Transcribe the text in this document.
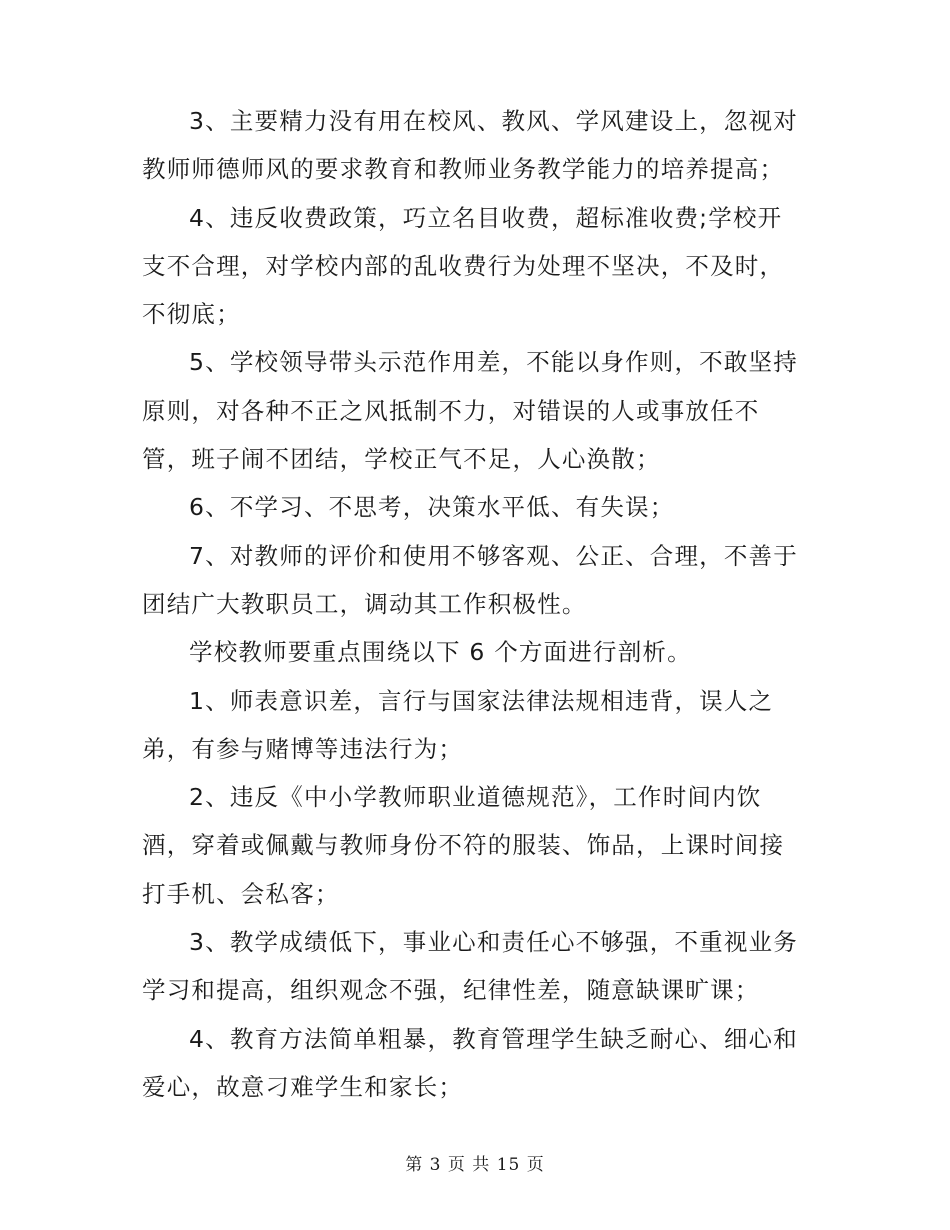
3、主要精力没有用在校风、教风、学风建设上，忽视对教师师德师风的要求教育和教师业务教学能力的培养提高；

4、违反收费政策，巧立名目收费，超标准收费;学校开支不合理，对学校内部的乱收费行为处理不坚决，不及时，不彻底；

5、学校领导带头示范作用差，不能以身作则，不敢坚持原则，对各种不正之风抵制不力，对错误的人或事放任不管，班子闹不团结，学校正气不足，人心涣散；

6、不学习、不思考，决策水平低、有失误；

7、对教师的评价和使用不够客观、公正、合理，不善于团结广大教职员工，调动其工作积极性。

学校教师要重点围绕以下 6 个方面进行剖析。

1、师表意识差，言行与国家法律法规相违背，误人之弟，有参与赌博等违法行为；

2、违反《中小学教师职业道德规范》，工作时间内饮酒，穿着或佩戴与教师身份不符的服装、饰品，上课时间接打手机、会私客；

3、教学成绩低下，事业心和责任心不够强，不重视业务学习和提高，组织观念不强，纪律性差，随意缺课旷课；

4、教育方法简单粗暴，教育管理学生缺乏耐心、细心和爱心，故意刁难学生和家长；

第 3 页 共 15 页
